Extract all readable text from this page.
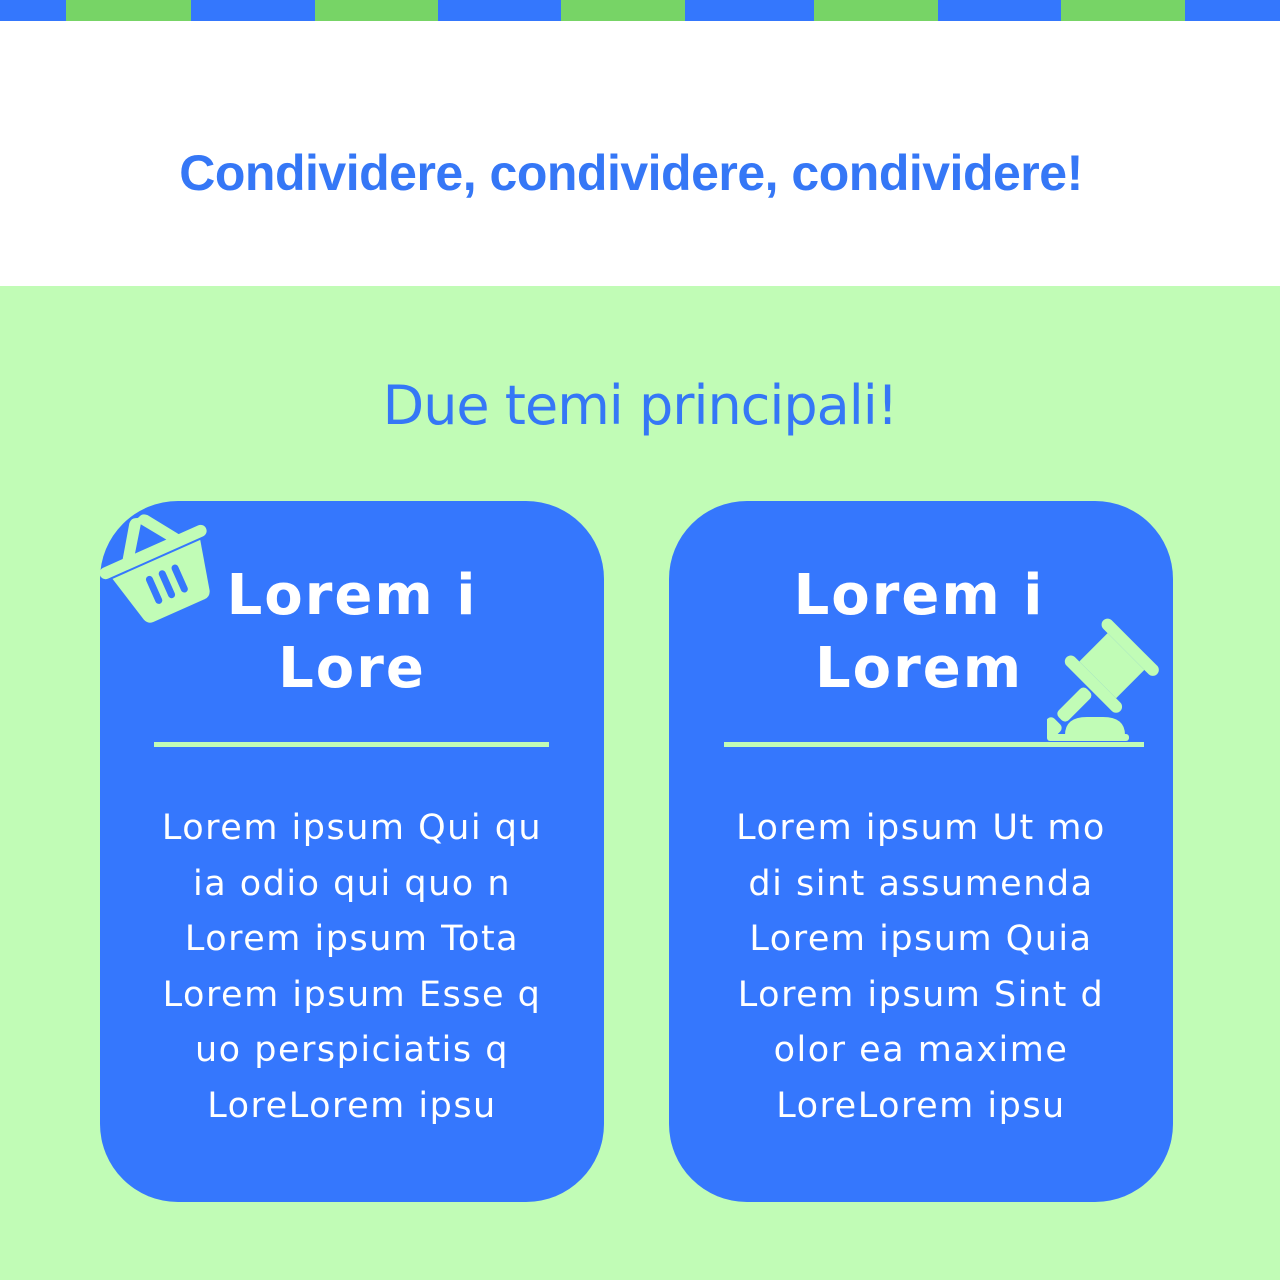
Condividere, condividere, condividere!
Due temi principali!
Lorem i
Lore

Lorem ipsum Qui qu
ia odio qui quo n
Lorem ipsum Tota
Lorem ipsum Esse q
uo perspiciatis q
LoreLorem ipsu

Lorem i
Lorem

Lorem ipsum Ut mo
di sint assumenda
Lorem ipsum Quia
Lorem ipsum Sint d
olor ea maxime
LoreLorem ipsu
